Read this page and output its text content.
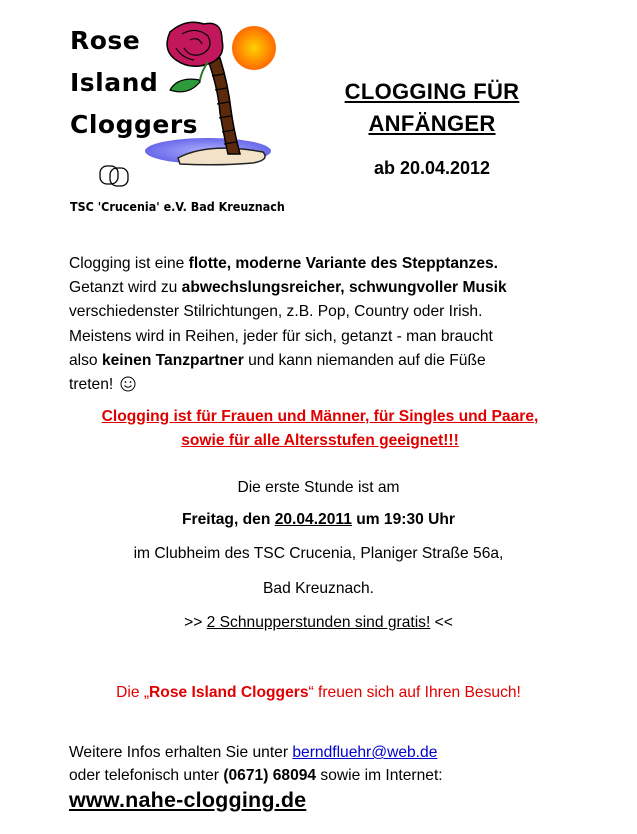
Rose
Island
Cloggers
TSC 'Crucenia' e.V. Bad Kreuznach
CLOGGING FÜR
ANFÄNGER
ab 20.04.2012
Clogging ist eine flotte, moderne Variante des Stepptanzes.
Getanzt wird zu abwechslungsreicher, schwungvoller Musik
verschiedenster Stilrichtungen, z.B. Pop, Country oder Irish.
Meistens wird in Reihen, jeder für sich, getanzt - man braucht
also keinen Tanzpartner und kann niemanden auf die Füße
treten!
Clogging ist für Frauen und Männer, für Singles und Paare,
sowie für alle Altersstufen geeignet!!!
Die erste Stunde ist am
Freitag, den 20.04.2011 um 19:30 Uhr
im Clubheim des TSC Crucenia, Planiger Straße 56a,
Bad Kreuznach.
>> 2 Schnupperstunden sind gratis! <<
Die „Rose Island Cloggers“ freuen sich auf Ihren Besuch!
Weitere Infos erhalten Sie unter berndfluehr@web.de
oder telefonisch unter (0671) 68094 sowie im Internet:
www.nahe-clogging.de
